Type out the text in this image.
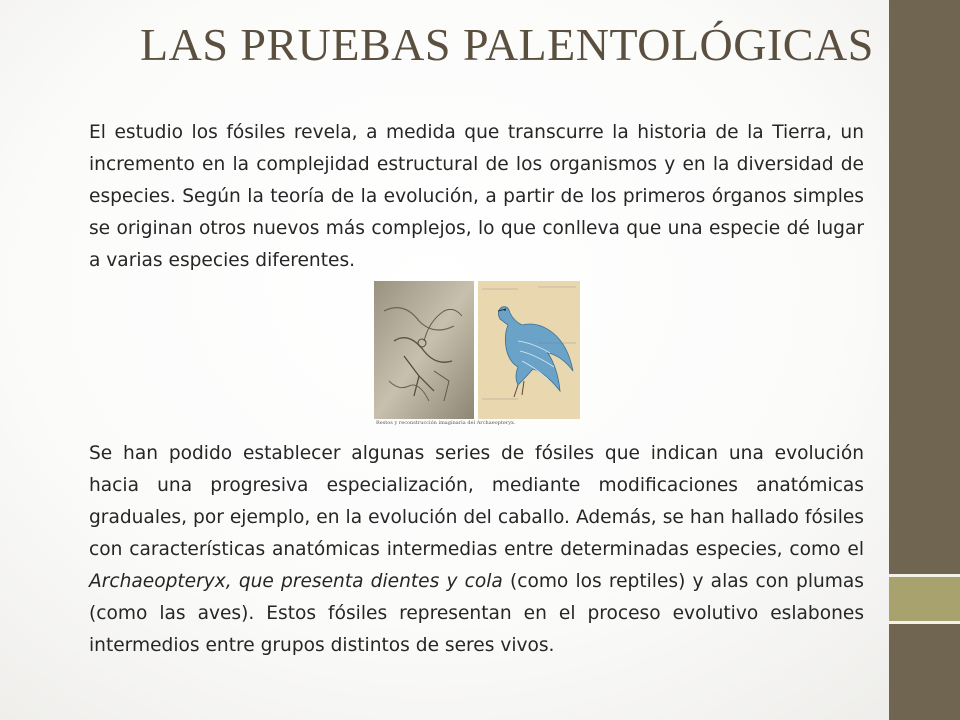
LAS PRUEBAS PALENTOLÓGICAS

El estudio los fósiles revela, a medida que transcurre la historia de la Tierra, un incremento en la complejidad estructural de los organismos y en la diversidad de especies. Según la teoría de la evolución, a partir de los primeros órganos simples se originan otros nuevos más complejos, lo que conlleva que una especie dé lugar a varias especies diferentes.

Restos y reconstrucción imaginaria del Archaeopteryx.

Se han podido establecer algunas series de fósiles que indican una evolución hacia una progresiva especialización, mediante modificaciones anatómicas graduales, por ejemplo, en la evolución del caballo. Además, se han hallado fósiles con características anatómicas intermedias entre determinadas especies, como el Archaeopteryx, que presenta dientes y cola (como los reptiles) y alas con plumas (como las aves). Estos fósiles representan en el proceso evolutivo eslabones intermedios entre grupos distintos de seres vivos.
